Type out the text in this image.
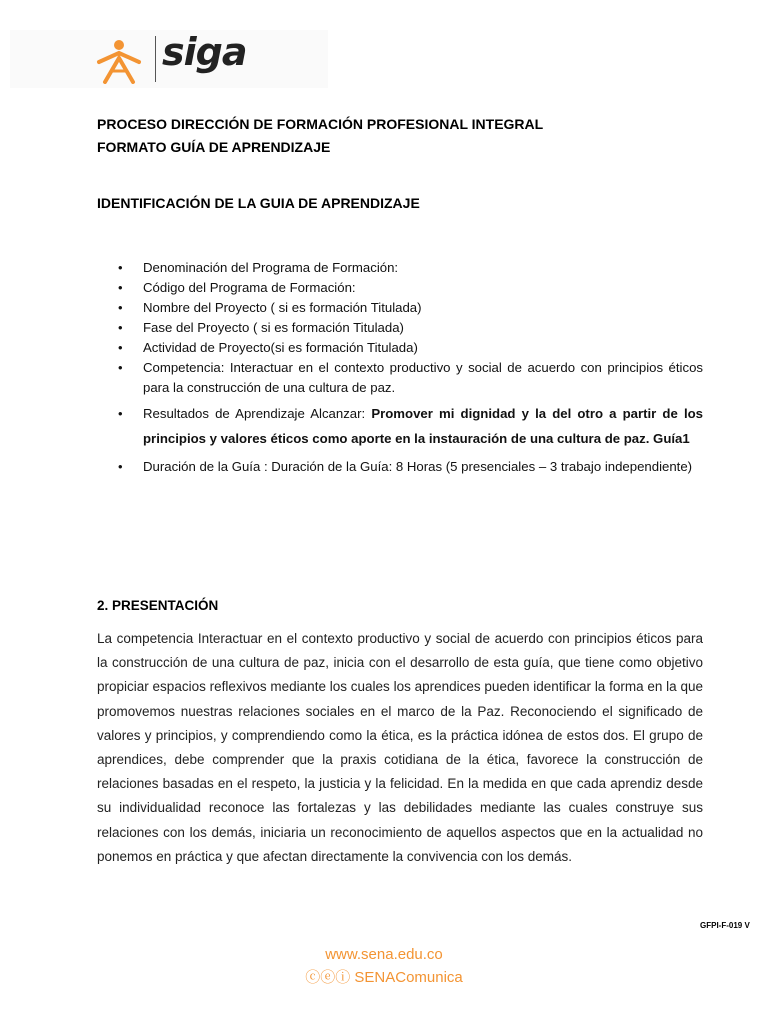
siga
PROCESO DIRECCIÓN DE FORMACIÓN PROFESIONAL INTEGRAL
FORMATO GUÍA DE APRENDIZAJE
IDENTIFICACIÓN DE LA GUIA DE APRENDIZAJE
• Denominación del Programa de Formación:
• Código del Programa de Formación:
• Nombre del Proyecto ( si es formación Titulada)
• Fase del Proyecto ( si es formación Titulada)
• Actividad de Proyecto(si es formación Titulada)
• Competencia: Interactuar en el contexto productivo y social de acuerdo con principios éticos para la construcción de una cultura de paz.
• Resultados de Aprendizaje Alcanzar: Promover mi dignidad y la del otro a partir de los principios y valores éticos como aporte en la instauración de una cultura de paz. Guía1
• Duración de la Guía : Duración de la Guía: 8 Horas (5 presenciales – 3 trabajo independiente)
2. PRESENTACIÓN

La competencia Interactuar en el contexto productivo y social de acuerdo con principios éticos para la construcción de una cultura de paz, inicia con el desarrollo de esta guía, que tiene como objetivo propiciar espacios reflexivos mediante los cuales los aprendices pueden identificar la forma en la que promovemos nuestras relaciones sociales en el marco de la Paz. Reconociendo el significado de valores y principios, y comprendiendo como la ética, es la práctica idónea de estos dos. El grupo de aprendices, debe comprender que la praxis cotidiana de la ética, favorece la construcción de relaciones basadas en el respeto, la justicia y la felicidad. En la medida en que cada aprendiz desde su individualidad reconoce las fortalezas y las debilidades mediante las cuales construye sus relaciones con los demás, iniciaria un reconocimiento de aquellos aspectos que en la actualidad no ponemos en práctica y que afectan directamente la convivencia con los demás.

GFPI-F-019 V
www.sena.edu.co
ⓒⓔⓘ SENAComunica
